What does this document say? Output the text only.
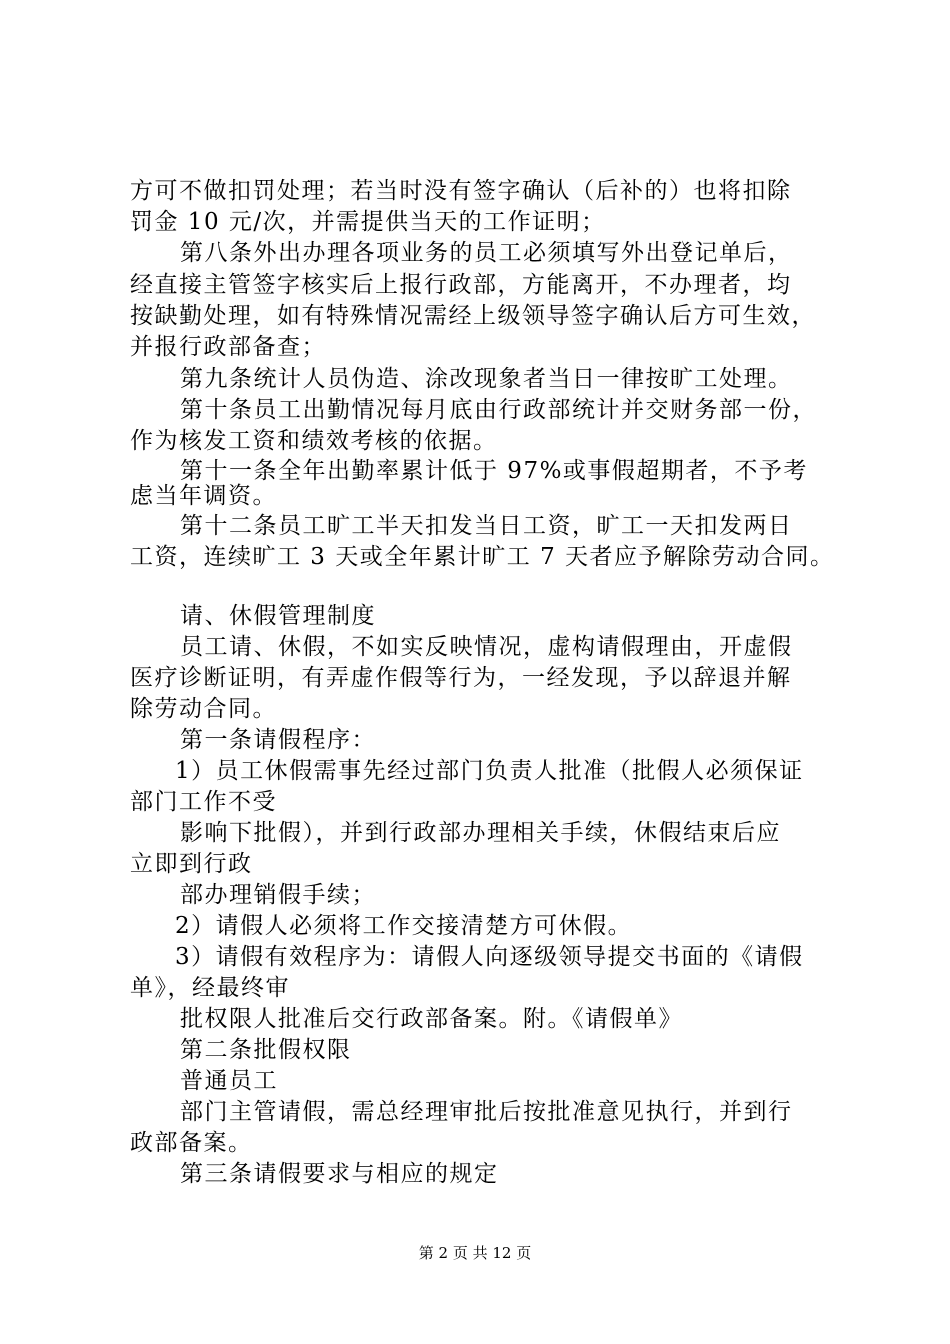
方可不做扣罚处理；若当时没有签字确认（后补的）也将扣除
罚金 10 元/次，并需提供当天的工作证明；
第八条外出办理各项业务的员工必须填写外出登记单后，
经直接主管签字核实后上报行政部，方能离开，不办理者，均
按缺勤处理，如有特殊情况需经上级领导签字确认后方可生效，
并报行政部备查；
第九条统计人员伪造、涂改现象者当日一律按旷工处理。
第十条员工出勤情况每月底由行政部统计并交财务部一份，
作为核发工资和绩效考核的依据。
第十一条全年出勤率累计低于 97%或事假超期者，不予考
虑当年调资。
第十二条员工旷工半天扣发当日工资，旷工一天扣发两日
工资，连续旷工 3 天或全年累计旷工 7 天者应予解除劳动合同。
请、休假管理制度
员工请、休假，不如实反映情况，虚构请假理由，开虚假
医疗诊断证明，有弄虚作假等行为，一经发现，予以辞退并解
除劳动合同。
第一条请假程序：
1）员工休假需事先经过部门负责人批准（批假人必须保证
部门工作不受
影响下批假），并到行政部办理相关手续，休假结束后应
立即到行政
部办理销假手续；
2）请假人必须将工作交接清楚方可休假。
3）请假有效程序为：请假人向逐级领导提交书面的《请假
单》，经最终审
批权限人批准后交行政部备案。附。《请假单》
第二条批假权限
普通员工
部门主管请假，需总经理审批后按批准意见执行，并到行
政部备案。
第三条请假要求与相应的规定
第 2 页 共 12 页
